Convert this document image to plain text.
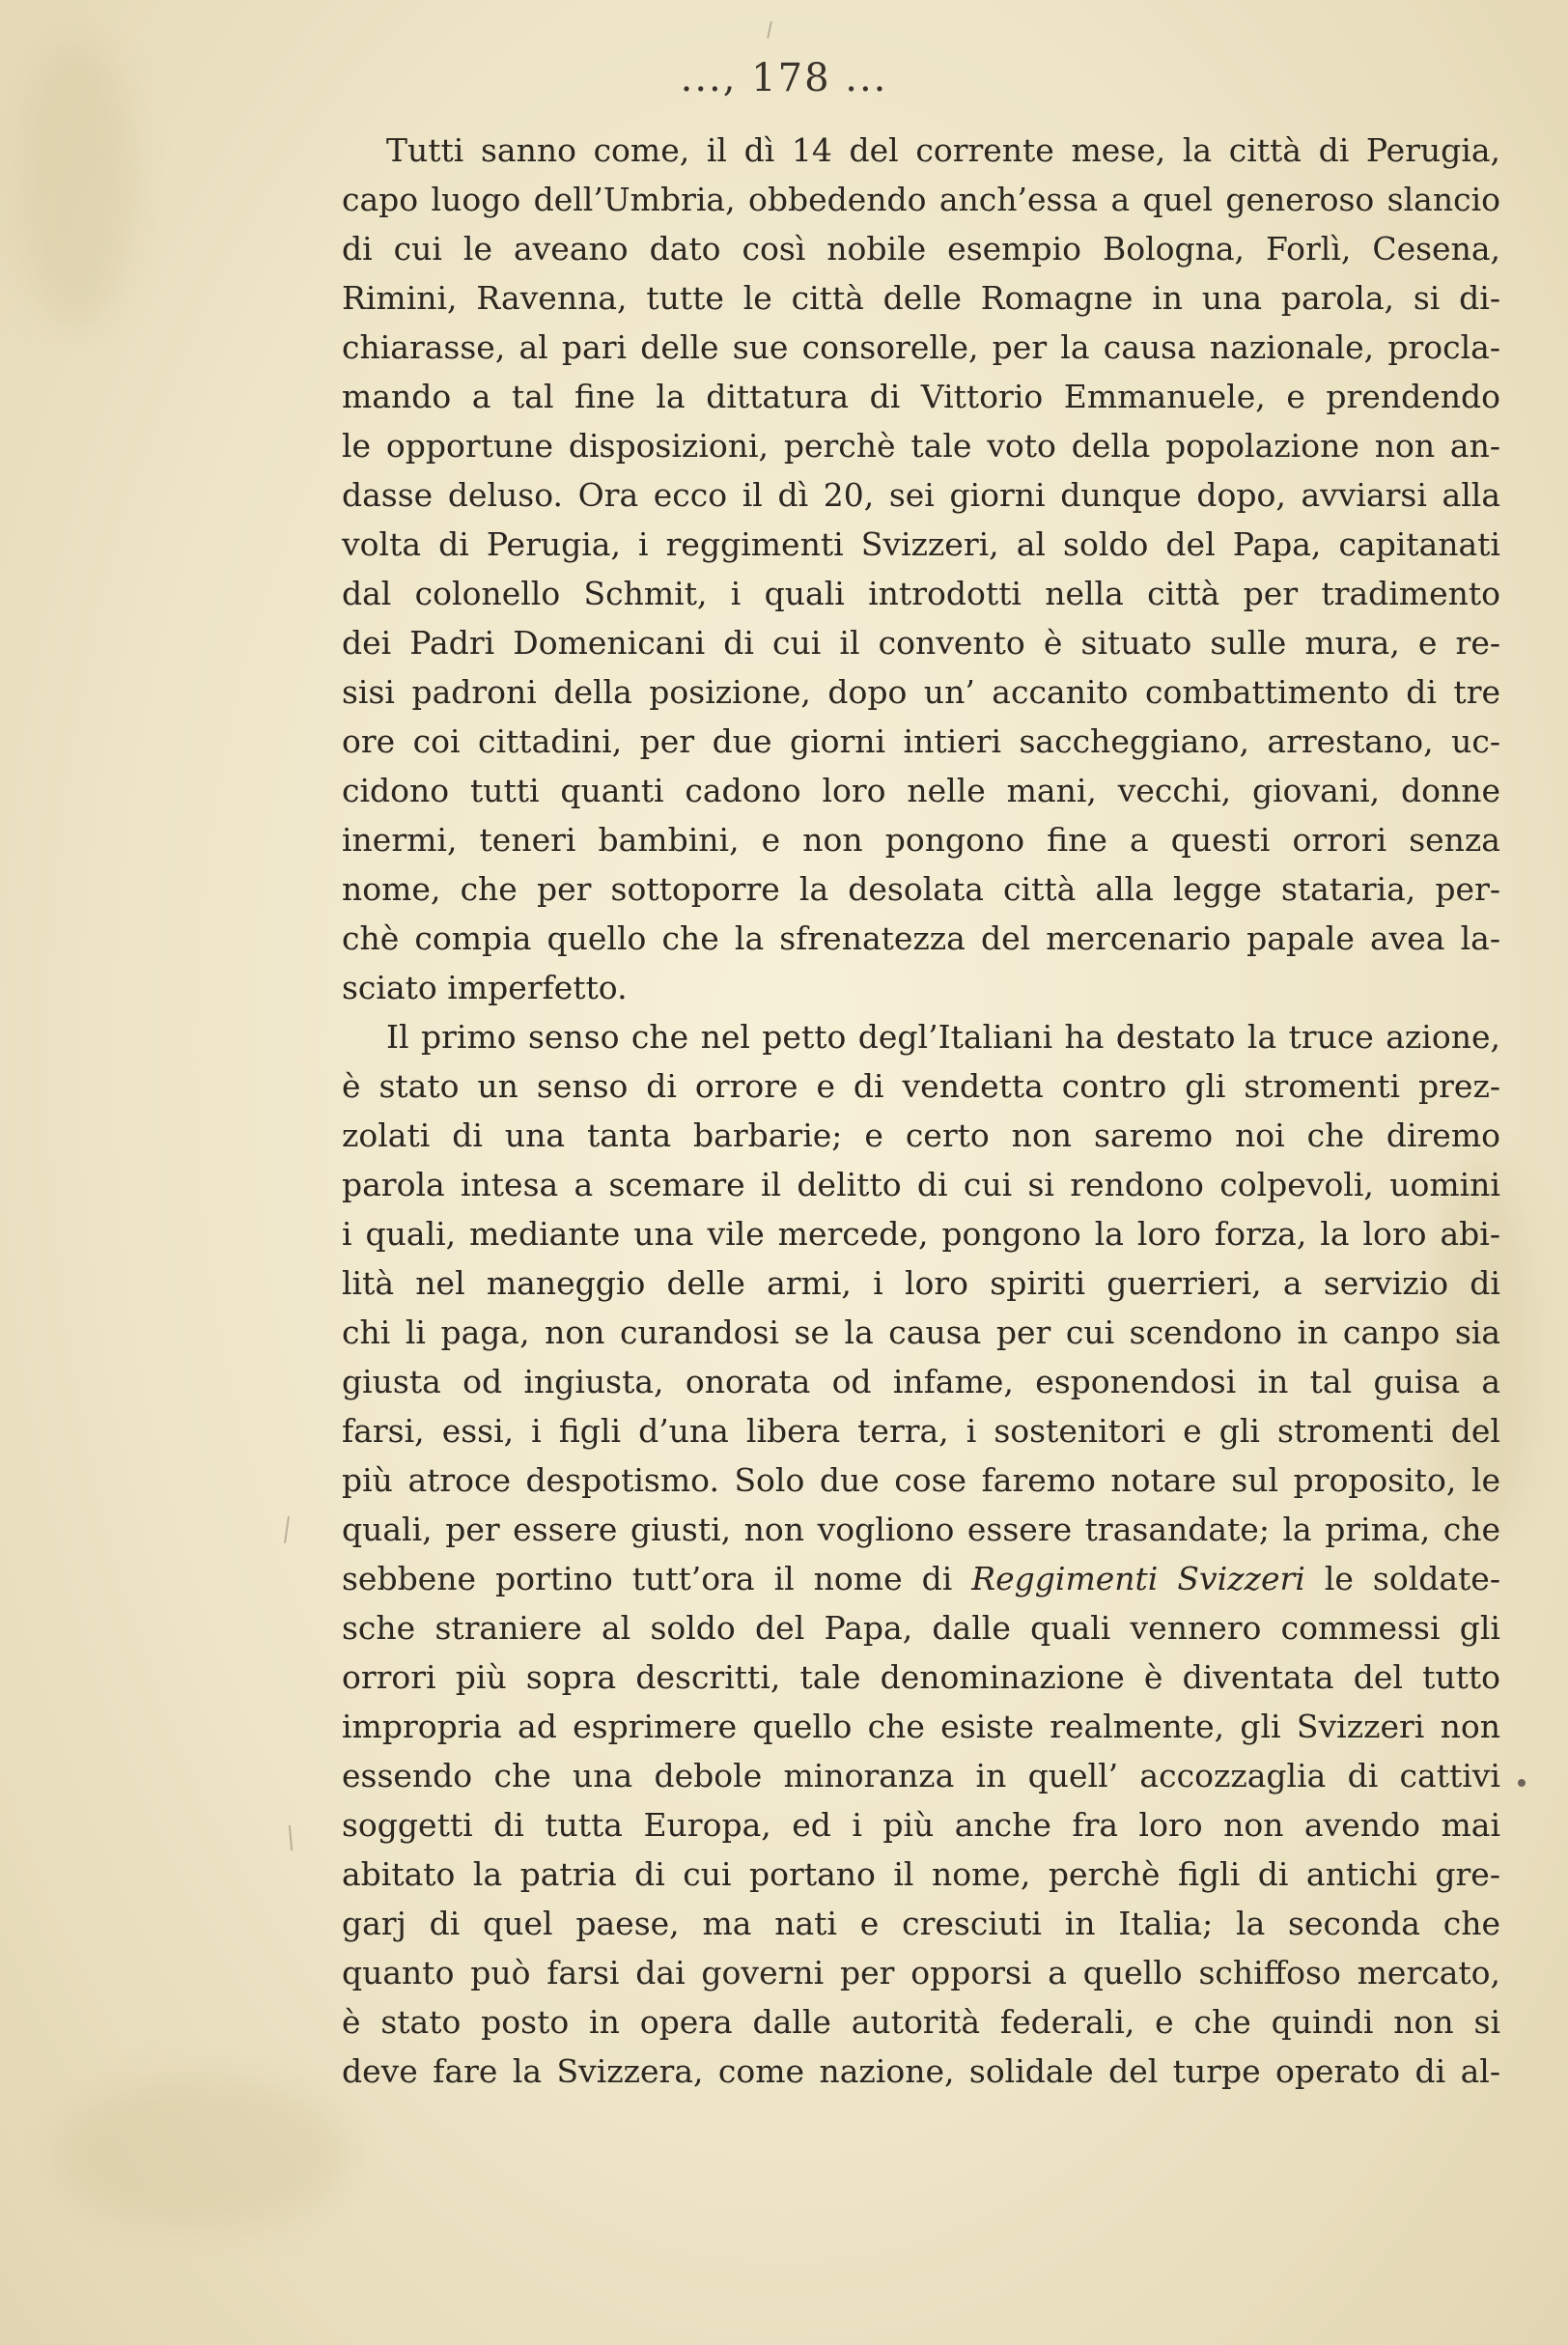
..., 178 ...
Tutti sanno come, il dì 14 del corrente mese, la città di Perugia,
capo luogo dell’Umbria, obbedendo anch’essa a quel generoso slancio
di cui le aveano dato così nobile esempio Bologna, Forlì, Cesena,
Rimini, Ravenna, tutte le città delle Romagne in una parola, si di-
chiarasse, al pari delle sue consorelle, per la causa nazionale, procla-
mando a tal fine la dittatura di Vittorio Emmanuele, e prendendo
le opportune disposizioni, perchè tale voto della popolazione non an-
dasse deluso. Ora ecco il dì 20, sei giorni dunque dopo, avviarsi alla
volta di Perugia, i reggimenti Svizzeri, al soldo del Papa, capitanati
dal colonello Schmit, i quali introdotti nella città per tradimento
dei Padri Domenicani di cui il convento è situato sulle mura, e re-
sisi padroni della posizione, dopo un’ accanito combattimento di tre
ore coi cittadini, per due giorni intieri saccheggiano, arrestano, uc-
cidono tutti quanti cadono loro nelle mani, vecchi, giovani, donne
inermi, teneri bambini, e non pongono fine a questi orrori senza
nome, che per sottoporre la desolata città alla legge stataria, per-
chè compia quello che la sfrenatezza del mercenario papale avea la-
sciato imperfetto.
Il primo senso che nel petto degl’Italiani ha destato la truce azione,
è stato un senso di orrore e di vendetta contro gli stromenti prez-
zolati di una tanta barbarie; e certo non saremo noi che diremo
parola intesa a scemare il delitto di cui si rendono colpevoli, uomini
i quali, mediante una vile mercede, pongono la loro forza, la loro abi-
lità nel maneggio delle armi, i loro spiriti guerrieri, a servizio di
chi li paga, non curandosi se la causa per cui scendono in canpo sia
giusta od ingiusta, onorata od infame, esponendosi in tal guisa a
farsi, essi, i figli d’una libera terra, i sostenitori e gli stromenti del
più atroce despotismo. Solo due cose faremo notare sul proposito, le
quali, per essere giusti, non vogliono essere trasandate; la prima, che
sebbene portino tutt’ora il nome di Reggimenti Svizzeri le soldate-
sche straniere al soldo del Papa, dalle quali vennero commessi gli
orrori più sopra descritti, tale denominazione è diventata del tutto
impropria ad esprimere quello che esiste realmente, gli Svizzeri non
essendo che una debole minoranza in quell’ accozzaglia di cattivi
soggetti di tutta Europa, ed i più anche fra loro non avendo mai
abitato la patria di cui portano il nome, perchè figli di antichi gre-
garj di quel paese, ma nati e cresciuti in Italia; la seconda che
quanto può farsi dai governi per opporsi a quello schiffoso mercato,
è stato posto in opera dalle autorità federali, e che quindi non si
deve fare la Svizzera, come nazione, solidale del turpe operato di al-
